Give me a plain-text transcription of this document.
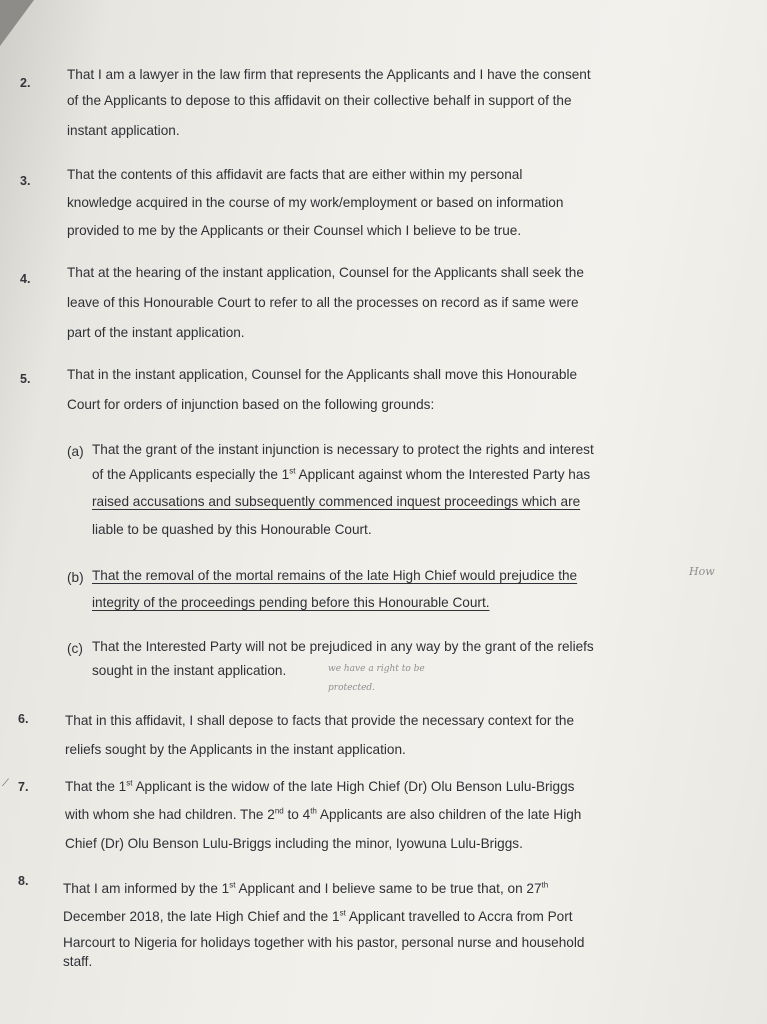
2.
That I am a lawyer in the law firm that represents the Applicants and I have the consent
of the Applicants to depose to this affidavit on their collective behalf in support of the
instant application.
3.	That the contents of this affidavit are facts that are either within my personal
knowledge acquired in the course of my work/employment or based on information
provided to me by the Applicants or their Counsel which I believe to be true.
4.	That at the hearing of the instant application, Counsel for the Applicants shall seek the
leave of this Honourable Court to refer to all the processes on record as if same were
part of the instant application.
5.	That in the instant application, Counsel for the Applicants shall move this Honourable
Court for orders of injunction based on the following grounds:
(a) That the grant of the instant injunction is necessary to protect the rights and interest
of the Applicants especially the 1st Applicant against whom the Interested Party has
raised accusations and subsequently commenced inquest proceedings which are
liable to be quashed by this Honourable Court.
(b) That the removal of the mortal remains of the late High Chief would prejudice the
integrity of the proceedings pending before this Honourable Court.
How
(c) That the Interested Party will not be prejudiced in any way by the grant of the reliefs
sought in the instant application.	we have a right to be
protected.
6.	That in this affidavit, I shall depose to facts that provide the necessary context for the
reliefs sought by the Applicants in the instant application.
⟋ 7.	That the 1st Applicant is the widow of the late High Chief (Dr) Olu Benson Lulu-Briggs
with whom she had children. The 2nd to 4th Applicants are also children of the late High
Chief (Dr) Olu Benson Lulu-Briggs including the minor, Iyowuna Lulu-Briggs.
8.	That I am informed by the 1st Applicant and I believe same to be true that, on 27th
December 2018, the late High Chief and the 1st Applicant travelled to Accra from Port
Harcourt to Nigeria for holidays together with his pastor, personal nurse and household
staff.
